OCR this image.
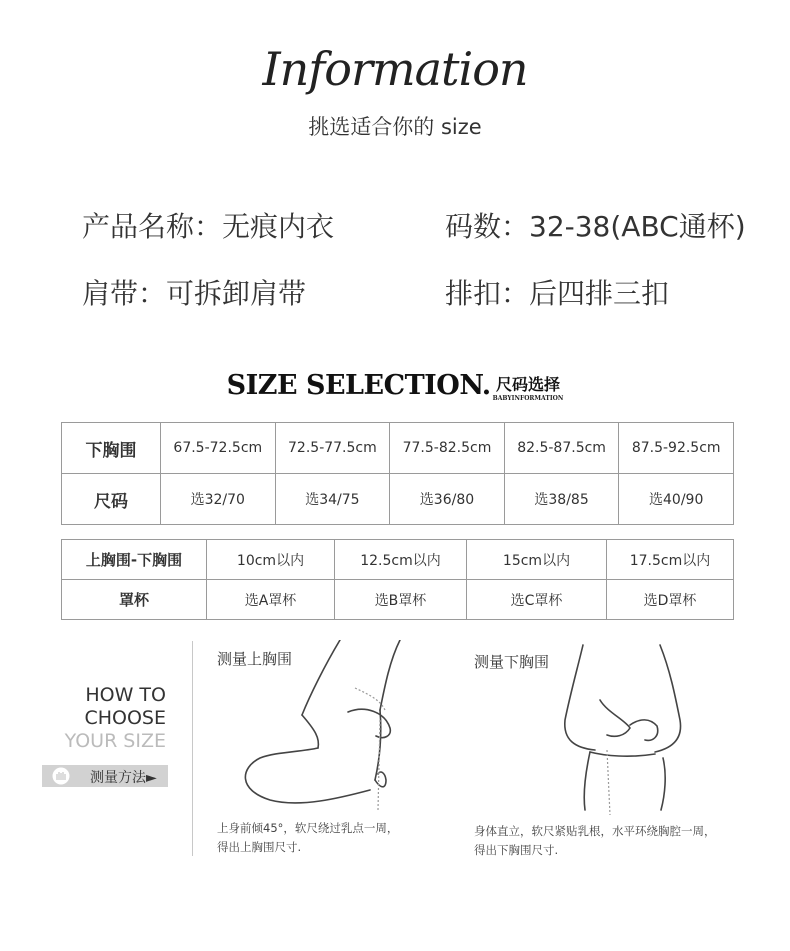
Information
挑选适合你的 size
产品名称：无痕内衣	码数：32-38(ABC通杯)
肩带：可拆卸肩带	排扣：后四排三扣
SIZE SELECTION. 尺码选择
BABYINFORMATION
下胸围	67.5-72.5cm	72.5-77.5cm	77.5-82.5cm	82.5-87.5cm	87.5-92.5cm
尺码	选32/70	选34/75	选36/80	选38/85	选40/90
上胸围-下胸围	10cm以内	12.5cm以内	15cm以内	17.5cm以内
罩杯	选A罩杯	选B罩杯	选C罩杯	选D罩杯
HOW TO
CHOOSE
YOUR SIZE
测量方法►
测量上胸围	测量下胸围
上身前倾45°，软尺绕过乳点一周，
得出上胸围尺寸.
身体直立，软尺紧贴乳根，水平环绕胸腔一周，
得出下胸围尺寸.
